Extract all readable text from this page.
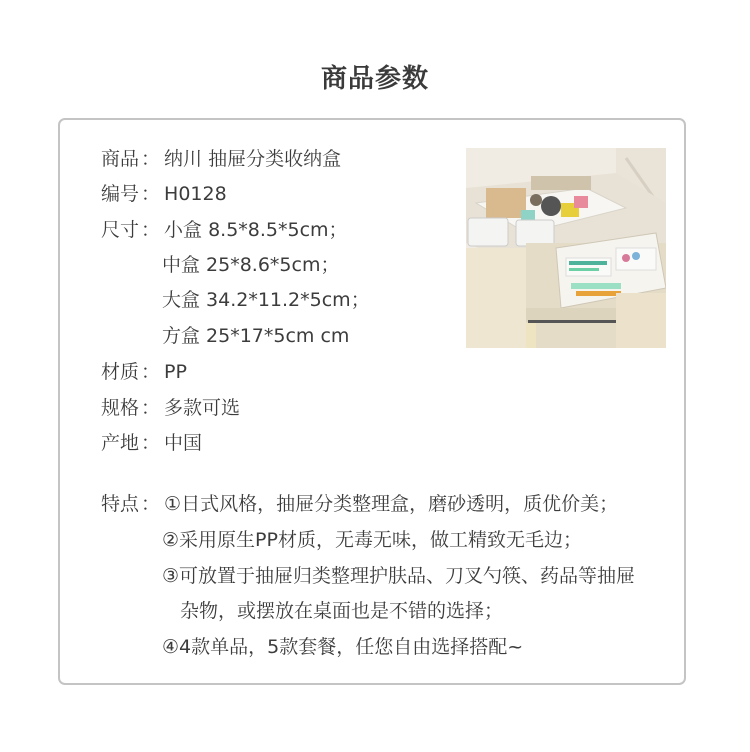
商品参数
商品 ： 纳川 抽屉分类收纳盒
编号 ： H0128
尺寸 ： 小盒 8.5*8.5*5cm；
中盒 25*8.6*5cm；
大盒 34.2*11.2*5cm；
方盒 25*17*5cm cm
材质 ： PP
规格 ： 多款可选
产地 ： 中国
特点 ： ①日式风格，抽屉分类整理盒，磨砂透明，质优价美；
②采用原生PP材质，无毒无味，做工精致无毛边；
③可放置于抽屉归类整理护肤品、刀叉勺筷、药品等抽屉
杂物，或摆放在桌面也是不错的选择；
④4款单品，5款套餐，任您自由选择搭配~
